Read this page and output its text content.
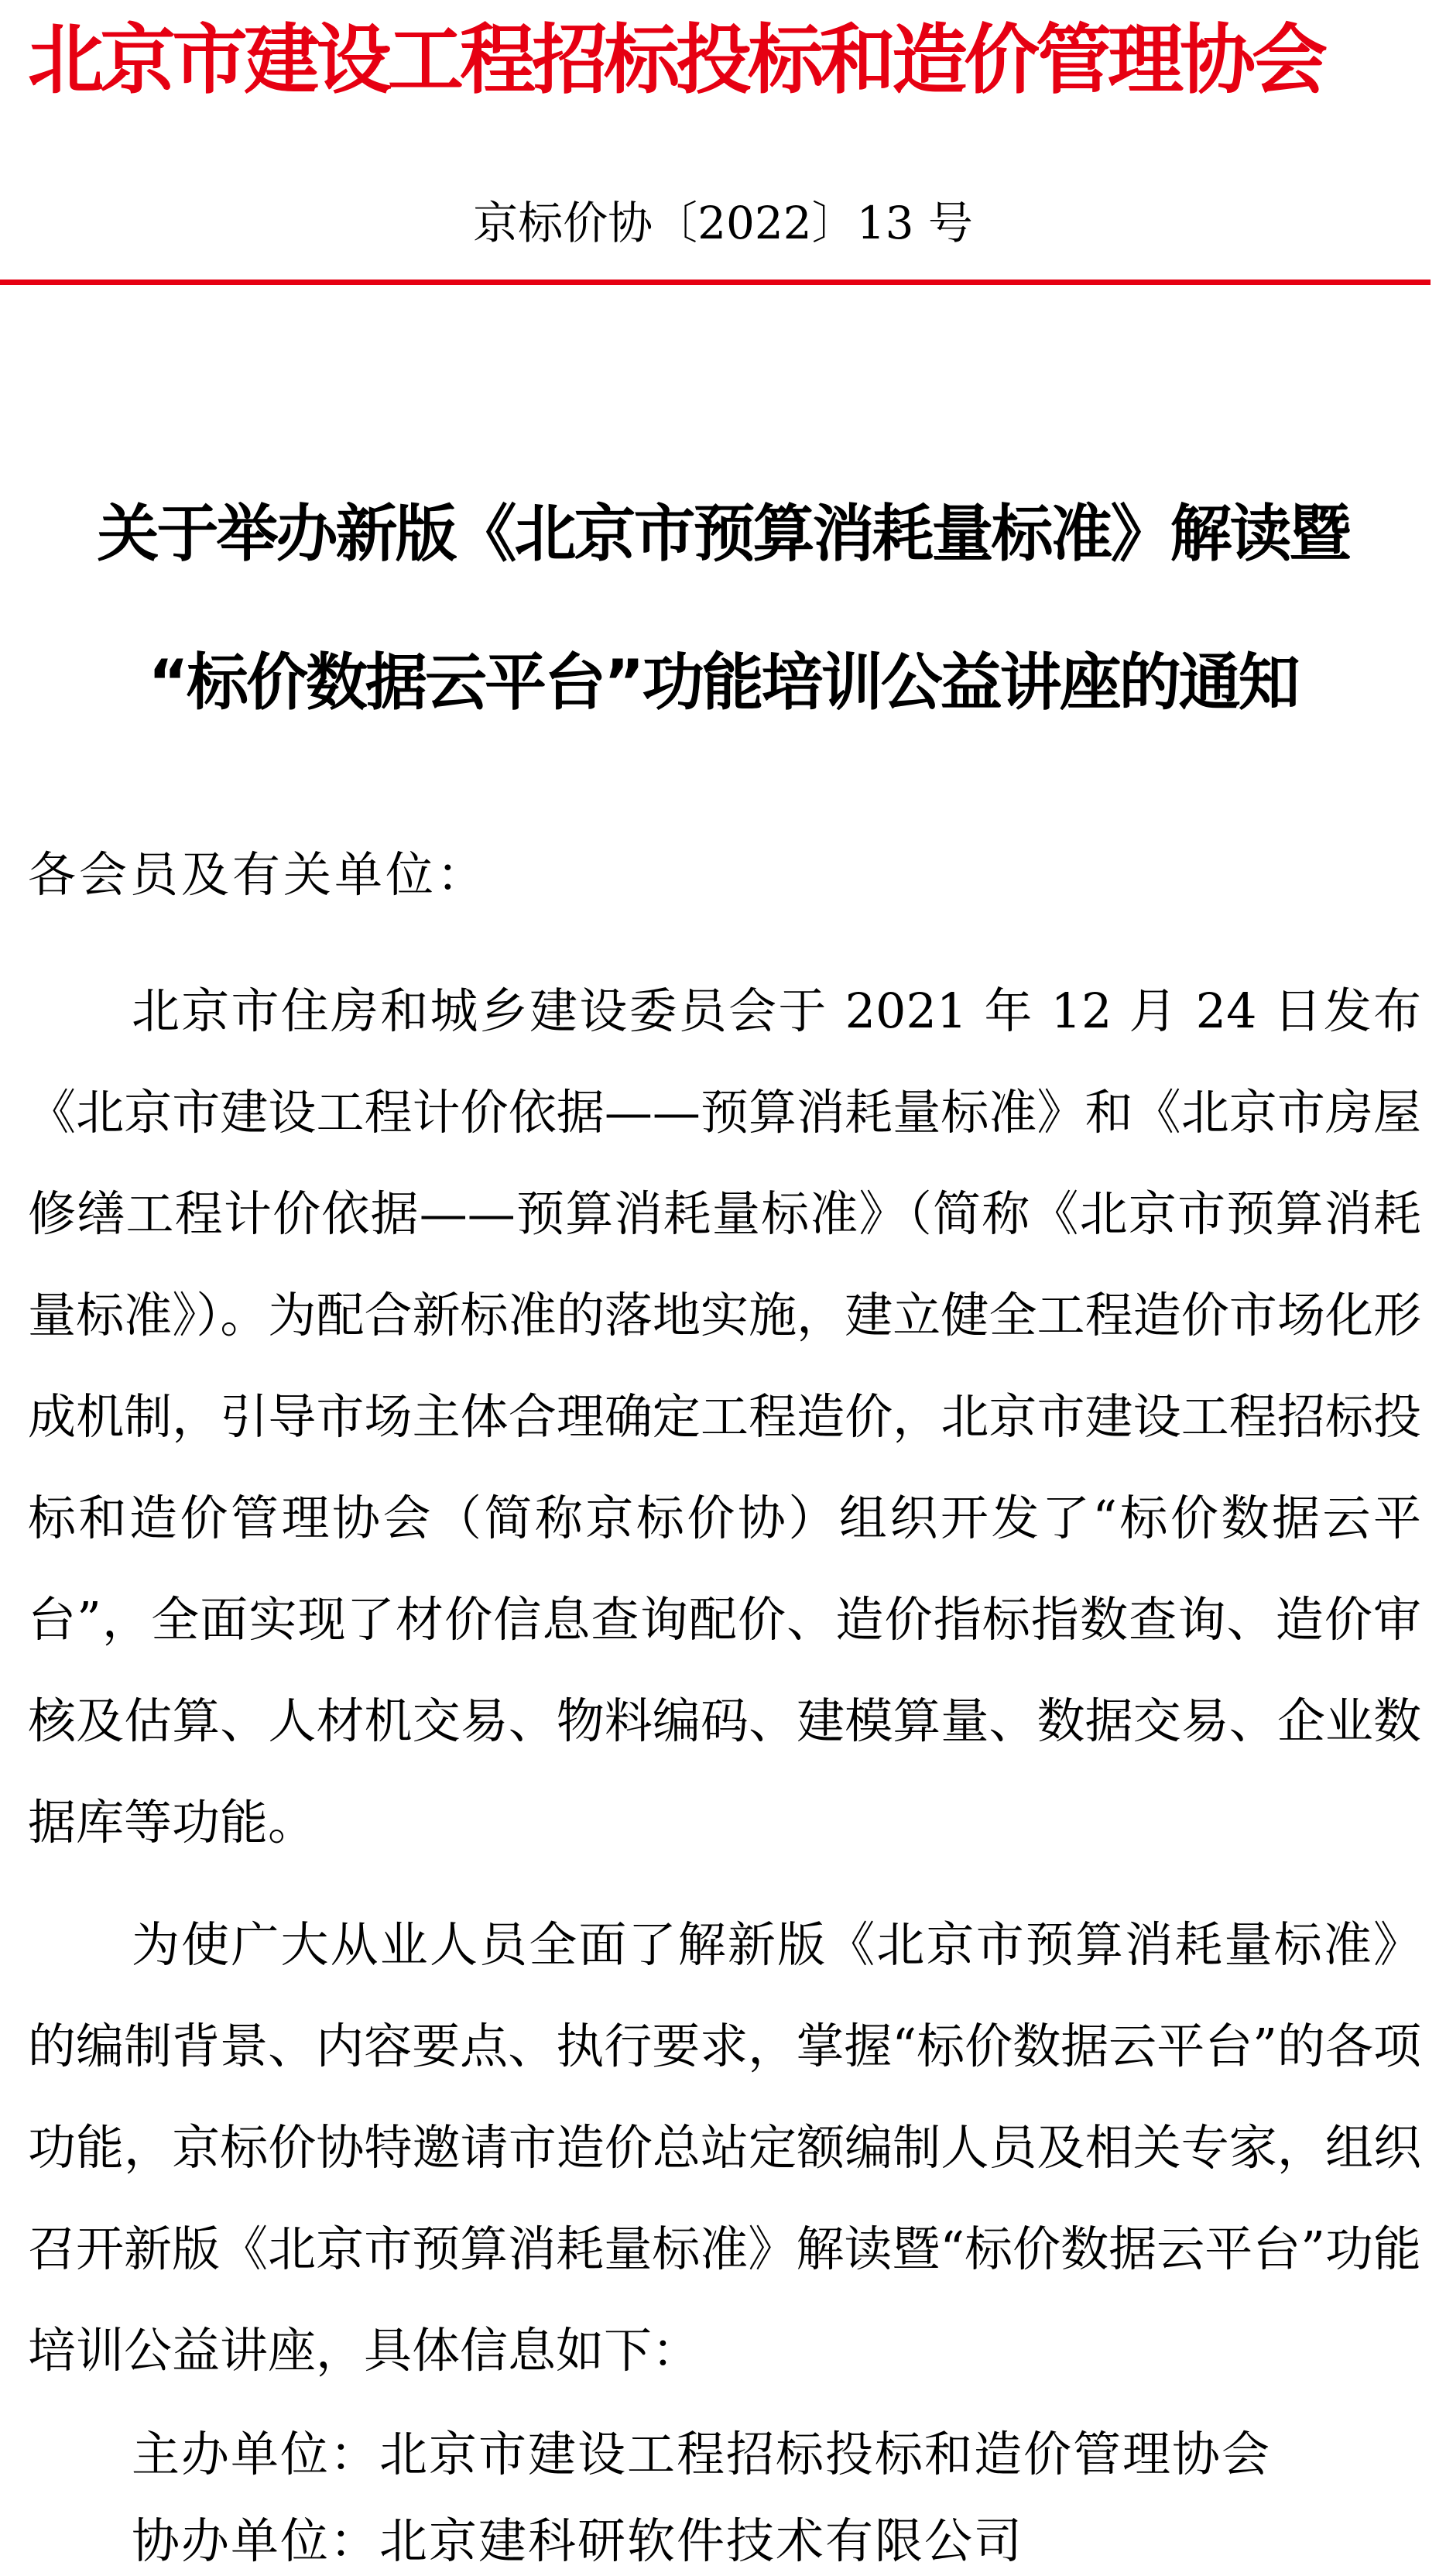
北京市建设工程招标投标和造价管理协会
京标价协〔2022〕13 号
关于举办新版《北京市预算消耗量标准》解读暨
“标价数据云平台”功能培训公益讲座的通知
各会员及有关单位：

北京市住房和城乡建设委员会于 2021 年 12 月 24 日发布《北京市建设工程计价依据——预算消耗量标准》和《北京市房屋修缮工程计价依据——预算消耗量标准》（简称《北京市预算消耗量标准》）。为配合新标准的落地实施，建立健全工程造价市场化形成机制，引导市场主体合理确定工程造价，北京市建设工程招标投标和造价管理协会（简称京标价协）组织开发了“标价数据云平台”，全面实现了材价信息查询配价、造价指标指数查询、造价审核及估算、人材机交易、物料编码、建模算量、数据交易、企业数据库等功能。

为使广大从业人员全面了解新版《北京市预算消耗量标准》的编制背景、内容要点、执行要求，掌握“标价数据云平台”的各项功能，京标价协特邀请市造价总站定额编制人员及相关专家，组织召开新版《北京市预算消耗量标准》解读暨“标价数据云平台”功能培训公益讲座，具体信息如下：

主办单位：北京市建设工程招标投标和造价管理协会
协办单位：北京建科研软件技术有限公司
